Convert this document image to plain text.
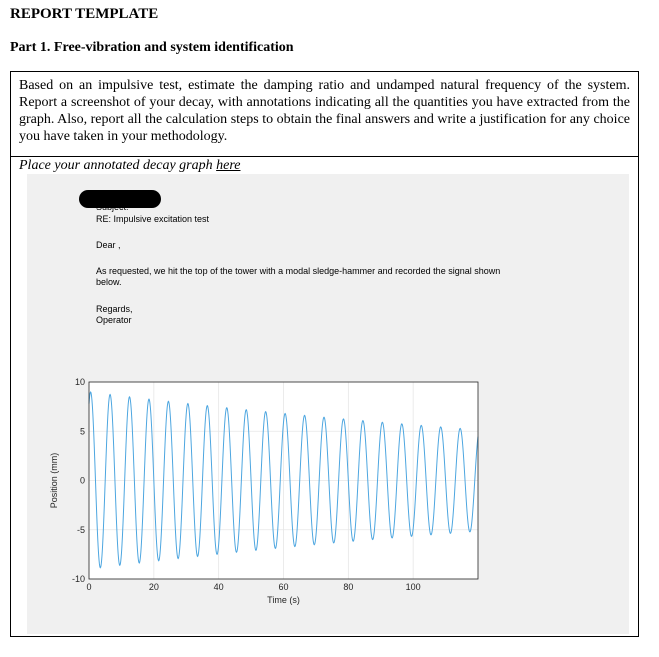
REPORT TEMPLATE
Part 1. Free-vibration and system identification

Based on an impulsive test, estimate the damping ratio and undamped natural frequency of the system. Report a screenshot of your decay, with annotations indicating all the quantities you have extracted from the graph. Also, report all the calculation steps to obtain the final answers and write a justification for any choice you have taken in your methodology.

Place your annotated decay graph here
Subject:
RE: Impulsive excitation test
Dear ,
As requested, we hit the top of the tower with a modal sledge-hammer and recorded the signal shown
below.
Regards,
Operator
0	20	40	60	80	100
-10
-5
0
5
10
Time (s)
Position (mm)
